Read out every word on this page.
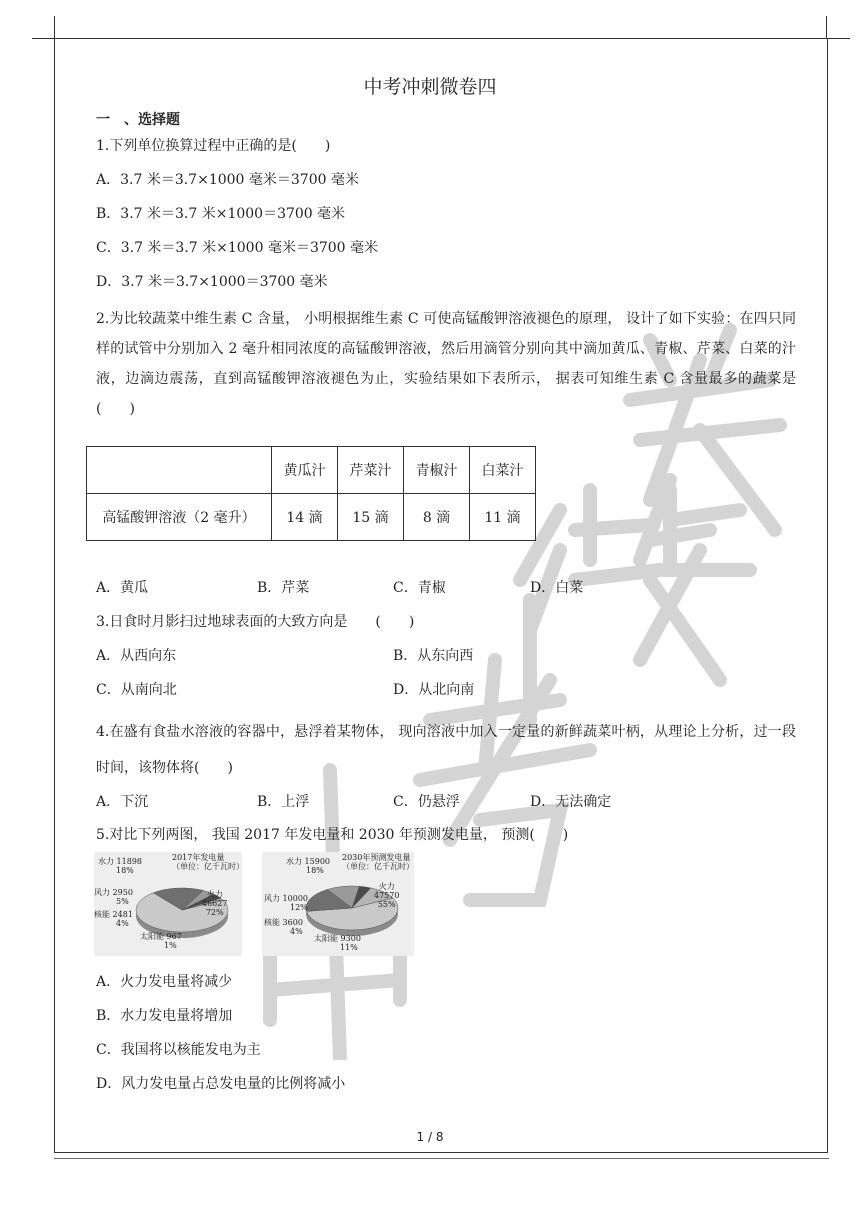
中考冲刺微卷四
一　、选择题
1.下列单位换算过程中正确的是(　　)
A．3.7 米＝3.7×1000 毫米＝3700 毫米
B．3.7 米＝3.7 米×1000＝3700 毫米
C．3.7 米＝3.7 米×1000 毫米＝3700 毫米
D．3.7 米＝3.7×1000＝3700 毫米
2.为比较蔬菜中维生素 C 含量， 小明根据维生素 C 可使高锰酸钾溶液褪色的原理， 设计了如下实验：在四只同样的试管中分别加入 2 毫升相同浓度的高锰酸钾溶液，然后用滴管分别向其中滴加黄瓜、青椒、芹菜、白菜的汁液，边滴边震荡，直到高锰酸钾溶液褪色为止，实验结果如下表所示， 据表可知维生素 C 含量最多的蔬菜是(　　)
	黄瓜汁	芹菜汁	青椒汁	白菜汁
高锰酸钾溶液（2 毫升）	14 滴	15 滴	8 滴	11 滴
A．黄瓜	B．芹菜	C．青椒	D．白菜
3.日食时月影扫过地球表面的大致方向是　　(　　)
A．从西向东	B．从东向西
C．从南向北	D．从北向南
4.在盛有食盐水溶液的容器中，悬浮着某物体， 现向溶液中加入一定量的新鲜蔬菜叶柄，从理论上分析，过一段时间，该物体将(　　)
A．下沉	B．上浮	C．仍悬浮	D．无法确定
5.对比下列两图， 我国 2017 年发电量和 2030 年预测发电量， 预测(　　)
2017年发电量
（单位：亿千瓦时）
水力 11898
18%
风力 2950
5%
核能 2481
4%
太阳能 967
1%
火力
46627
72%
2030年预测发电量
（单位：亿千瓦时）
水力 15900
18%
风力 10000
12%
核能 3600
4%
太阳能 9300
11%
火力
47570
55%
A．火力发电量将减少
B．水力发电量将增加
C．我国将以核能发电为主
D．风力发电量占总发电量的比例将减小
1 / 8
